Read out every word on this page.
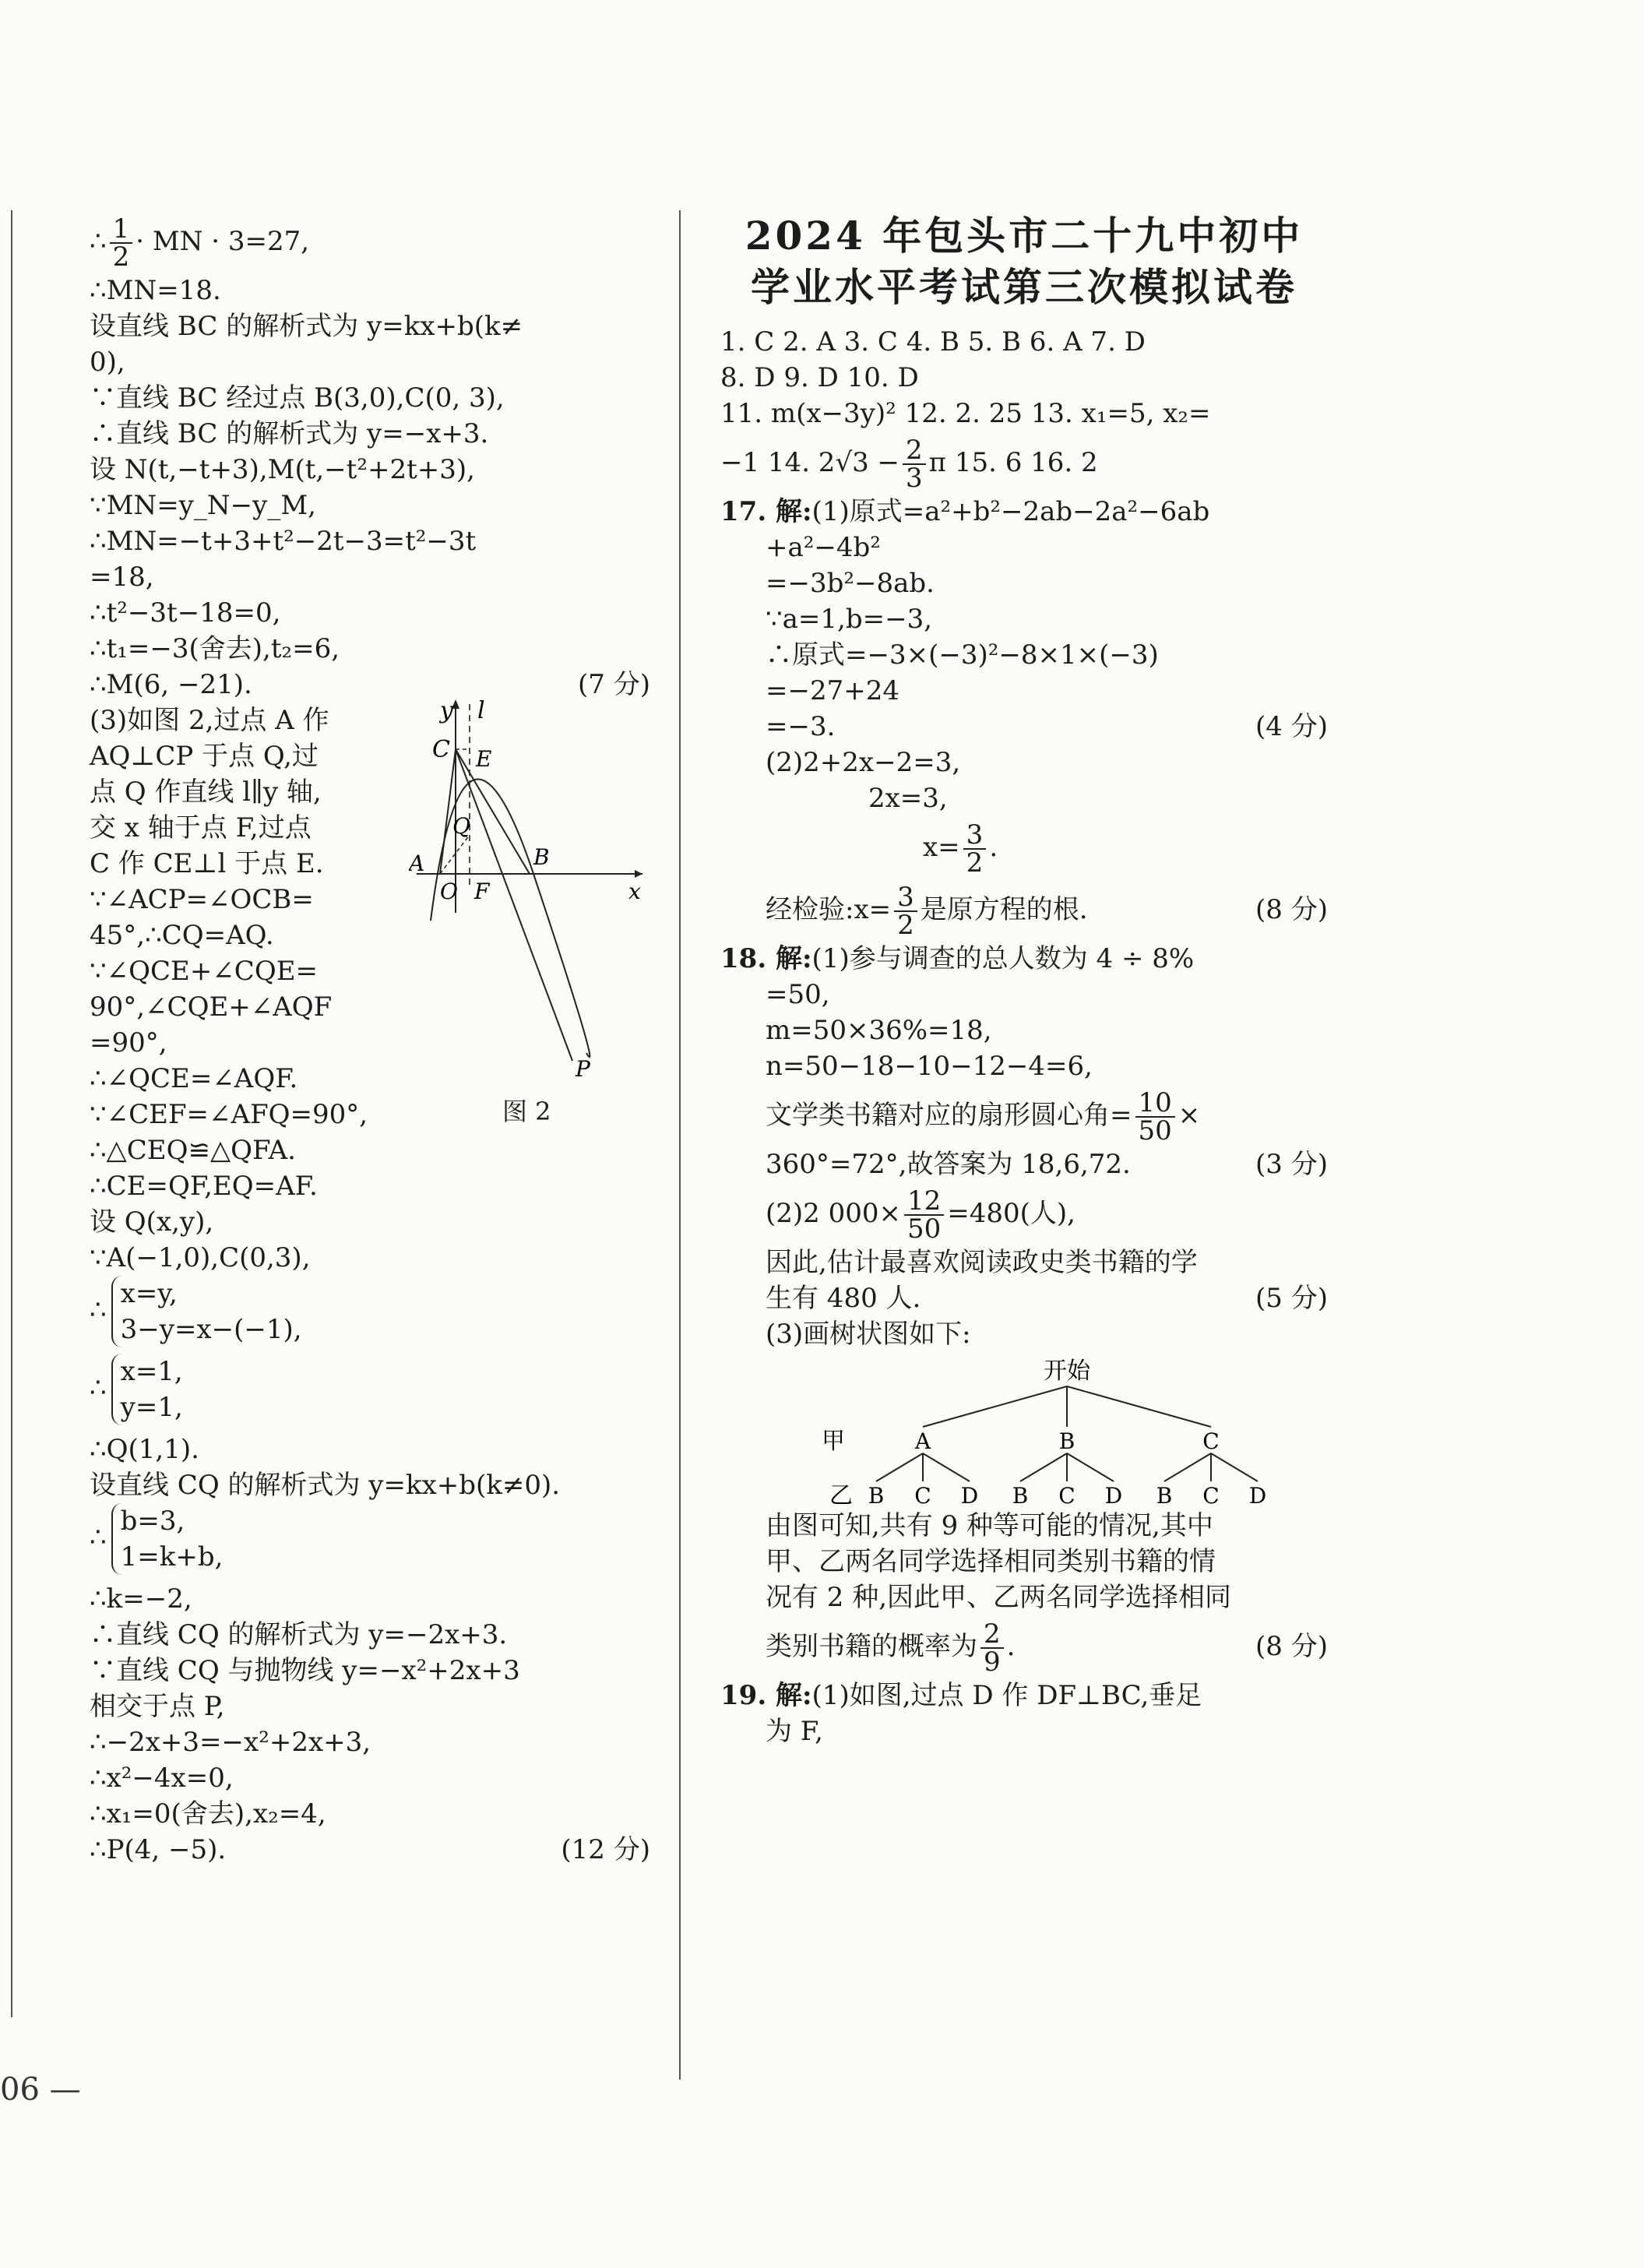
∴ $\frac{1}{2}$ · MN · 3=27,
∴MN=18.
设直线 BC 的解析式为 y=kx+b(k≠
0),
∵直线 BC 经过点 B(3,0),C(0, 3),
∴直线 BC 的解析式为 y=−x+3.
设 N(t,−t+3),M(t,−t²+2t+3),
∵MN=y_N−y_M,
∴MN=−t+3+t²−2t−3=t²−3t
=18,
∴t²−3t−18=0,
∴t₁=−3(舍去),t₂=6,
∴M(6, −21).	(7 分)
(3)如图 2,过点 A 作
AQ⊥CP 于点 Q,过
点 Q 作直线 l∥y 轴,
交 x 轴于点 F,过点
C 作 CE⊥l 于点 E.
∵∠ACP=∠OCB=
45°,∴CQ=AQ.
∵∠QCE+∠CQE=
90°,∠CQE+∠AQF
=90°,
y l
C E
Q
A
O F
B
x
P
图 2
∴∠QCE=∠AQF.
∵∠CEF=∠AFQ=90°,
∴△CEQ≌△QFA.
∴CE=QF,EQ=AF.
设 Q(x,y),
∵A(−1,0),C(0,3),
∴
x=y,
3−y=x−(−1),
∴
x=1,
y=1,
∴Q(1,1).
设直线 CQ 的解析式为 y=kx+b(k≠0).
∴
b=3,
1=k+b,
∴k=−2,
∴直线 CQ 的解析式为 y=−2x+3.
∵直线 CQ 与抛物线 y=−x²+2x+3
相交于点 P,
∴−2x+3=−x²+2x+3,
∴x²−4x=0,
∴x₁=0(舍去),x₂=4,
∴P(4, −5).	(12 分)
2024 年包头市二十九中初中
学业水平考试第三次模拟试卷
1. C 2. A 3. C 4. B 5. B 6. A 7. D
8. D 9. D 10. D
11. m(x−3y)² 12. 2. 25 13. x₁=5, x₂=
−1 14. $2√3 - \frac{2}{3}$ π 15. 6 16. 2
17. 解:(1)原式=a²+b²−2ab−2a²−6ab
+a²−4b²
=−3b²−8ab.
∵a=1,b=−3,
∴原式=−3×(−3)²−8×1×(−3)
=−27+24
=−3.	(4 分)
(2)2+2x−2=3,
2x=3,
$x= \frac{3}{2}$ .
经检验:x= $\frac{3}{2}$ 是原方程的根.	(8 分)
18. 解:(1)参与调查的总人数为 4 ÷ 8%
=50,
m=50×36%=18,
n=50−18−10−12−4=6,
文学类书籍对应的扇形圆心角= $\frac{10}{50}$ ×
360°=72°,故答案为 18,6,72.	(3 分)
(2)2 $000\times \frac{12}{50} =480$(人),
因此,估计最喜欢阅读政史类书籍的学
生有 480 人.	(5 分)
(3)画树状图如下:
开始
甲	A	B	C
乙 B C D B C D B C D
由图可知,共有 9 种等可能的情况,其中
甲、乙两名同学选择相同类别书籍的情
况有 2 种,因此甲、乙两名同学选择相同
类别书籍的概率为 $\frac{2}{9}$ .	(8 分)
19. 解:(1)如图,过点 D 作 DF⊥BC,垂足
为 F,
06 —
